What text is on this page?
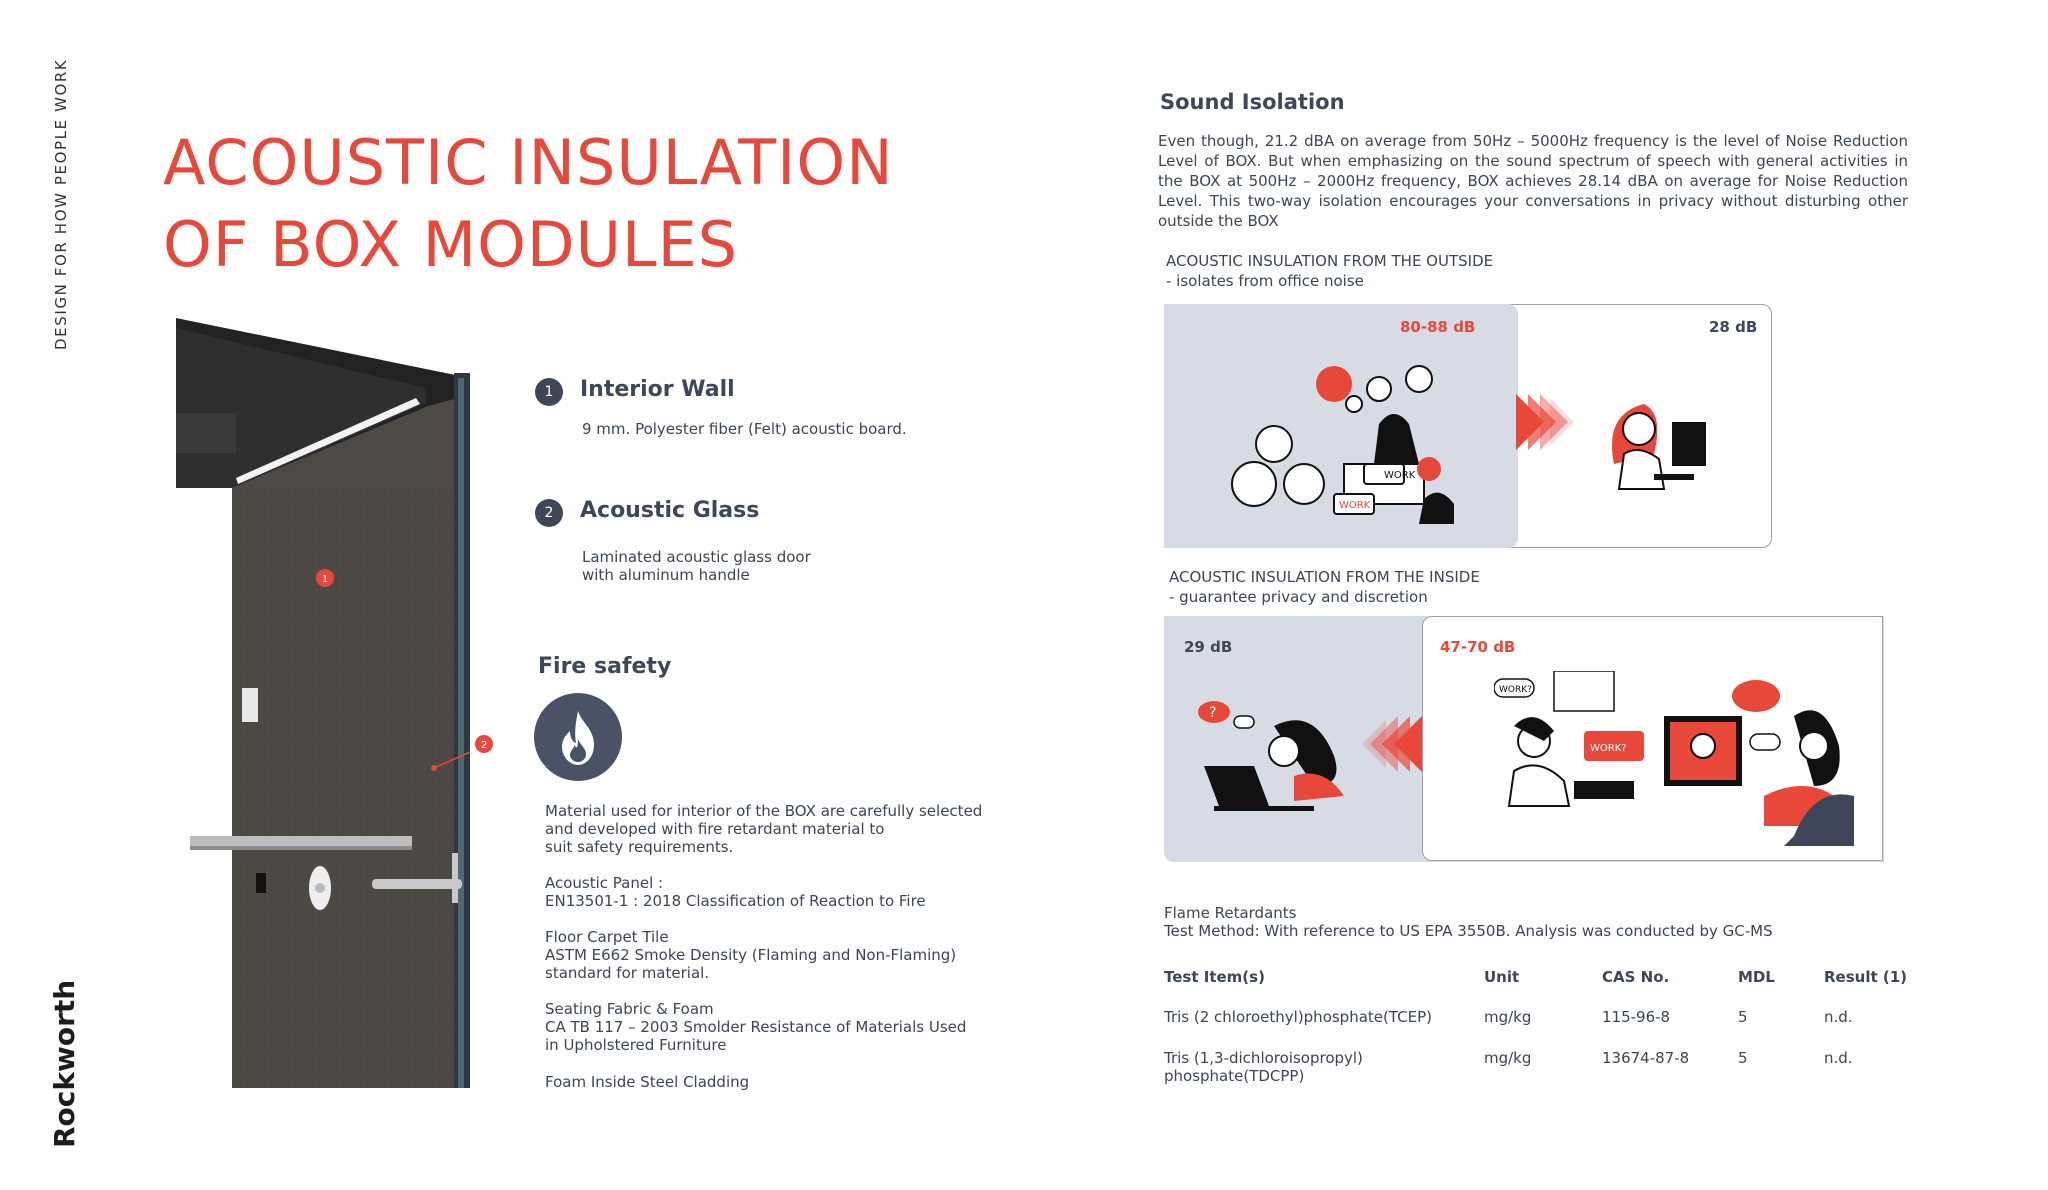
DESIGN FOR HOW PEOPLE WORK
Rockworth
ACOUSTIC INSULATION
OF BOX MODULES
1
2
1	Interior Wall
9 mm. Polyester fiber (Felt) acoustic board.
2	Acoustic Glass
Laminated acoustic glass door
with aluminum handle
Fire safety
Material used for interior of the BOX are carefully selected
and developed with fire retardant material to
suit safety requirements.
Acoustic Panel :
EN13501-1 : 2018 Classification of Reaction to Fire
Floor Carpet Tile
ASTM E662 Smoke Density (Flaming and Non-Flaming)
standard for material.
Seating Fabric & Foam
CA TB 117 – 2003 Smolder Resistance of Materials Used
in Upholstered Furniture
Foam Inside Steel Cladding
Sound Isolation
Even though, 21.2 dBA on average from 50Hz – 5000Hz frequency is the level of Noise Reduction Level of BOX. But when emphasizing on the sound spectrum of speech with general activities in the BOX at 500Hz – 2000Hz frequency, BOX achieves 28.14 dBA on average for Noise Reduction Level. This two-way isolation encourages your conversations in privacy without disturbing other outside the BOX
ACOUSTIC INSULATION FROM THE OUTSIDE
- isolates from office noise
80-88 dB	28 dB
WORK
WORK
ACOUSTIC INSULATION FROM THE INSIDE
- guarantee privacy and discretion
29 dB	47-70 dB
?
WORK?
WORK?
Flame Retardants
Test Method: With reference to US EPA 3550B. Analysis was conducted by GC-MS
Test Item(s)	Unit	CAS No.	MDL	Result (1)

Tris (2 chloroethyl)phosphate(TCEP)	mg/kg	115-96-8	5	n.d.

Tris (1,3-dichloroisopropyl)
phosphate(TDCPP)	mg/kg	13674-87-8	5	n.d.
